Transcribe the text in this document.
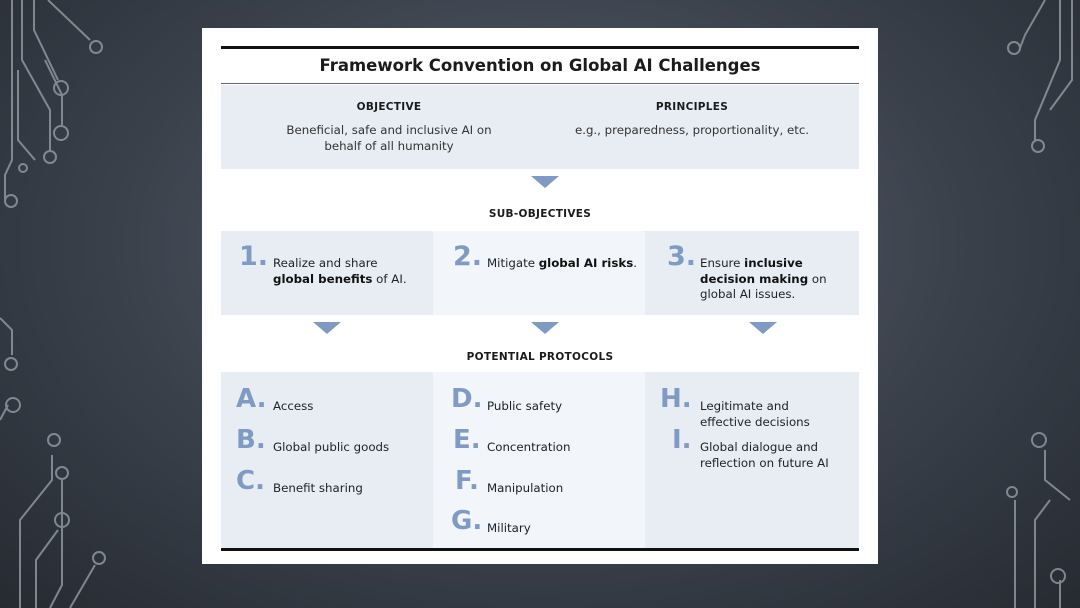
Framework Convention on Global AI Challenges
OBJECTIVE
Beneficial, safe and inclusive AI on
behalf of all humanity
PRINCIPLES
e.g., preparedness, proportionality, etc.
SUB-OBJECTIVES
1. Realize and share
global benefits of AI.
2. Mitigate global AI risks. 3. Ensure inclusive
decision making on
global AI issues.
POTENTIAL PROTOCOLS
A. Access
B. Global public goods
C. Benefit sharing
D. Public safety
E. Concentration
F. Manipulation
G. Military
H. Legitimate and
effective decisions
I. Global dialogue and
reflection on future AI
